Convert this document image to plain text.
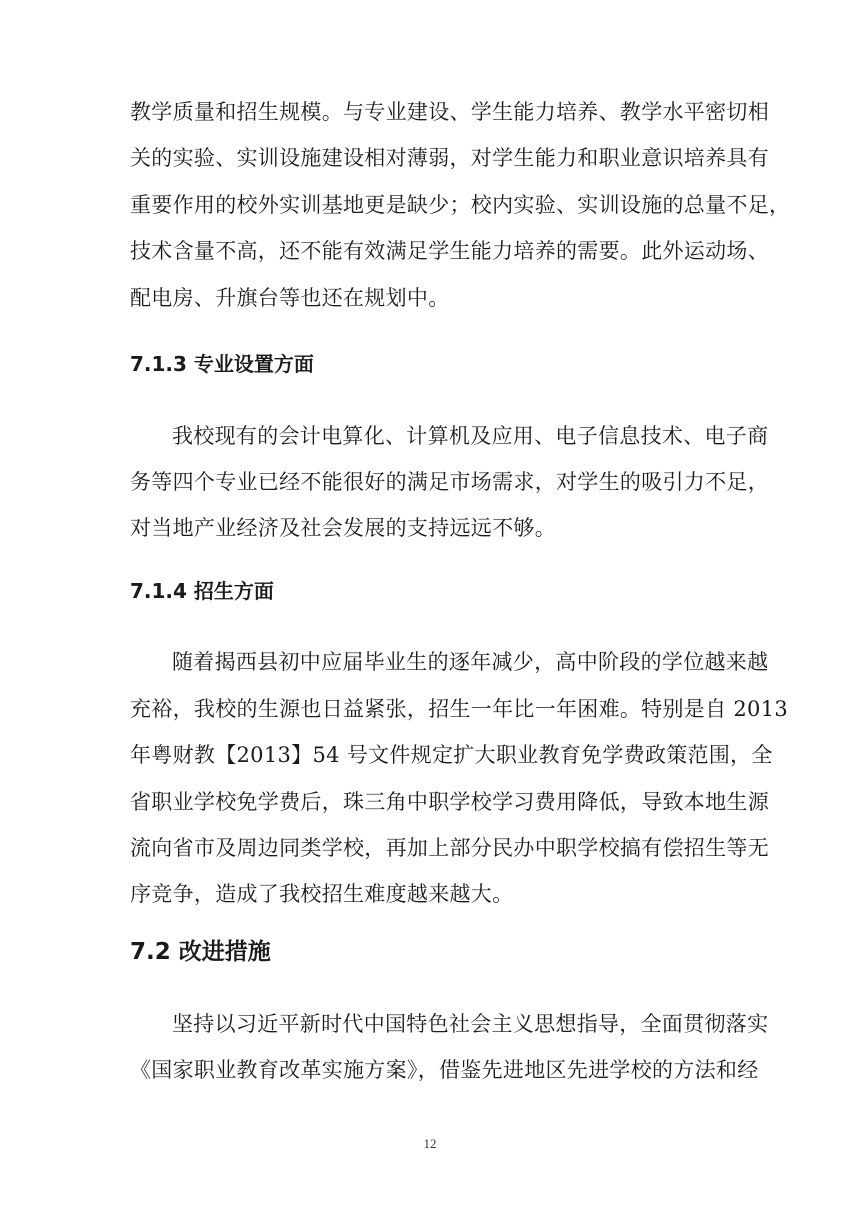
教学质量和招生规模。与专业建设、学生能力培养、教学水平密切相
关的实验、实训设施建设相对薄弱，对学生能力和职业意识培养具有
重要作用的校外实训基地更是缺少；校内实验、实训设施的总量不足，
技术含量不高，还不能有效满足学生能力培养的需要。此外运动场、
配电房、升旗台等也还在规划中。
7.1.3 专业设置方面
我校现有的会计电算化、计算机及应用、电子信息技术、电子商
务等四个专业已经不能很好的满足市场需求，对学生的吸引力不足，
对当地产业经济及社会发展的支持远远不够。
7.1.4 招生方面
随着揭西县初中应届毕业生的逐年减少，高中阶段的学位越来越
充裕，我校的生源也日益紧张，招生一年比一年困难。特别是自 2013
年粤财教【2013】54 号文件规定扩大职业教育免学费政策范围，全
省职业学校免学费后，珠三角中职学校学习费用降低，导致本地生源
流向省市及周边同类学校，再加上部分民办中职学校搞有偿招生等无
序竞争，造成了我校招生难度越来越大。
7.2 改进措施
坚持以习近平新时代中国特色社会主义思想指导，全面贯彻落实
《国家职业教育改革实施方案》，借鉴先进地区先进学校的方法和经
12
